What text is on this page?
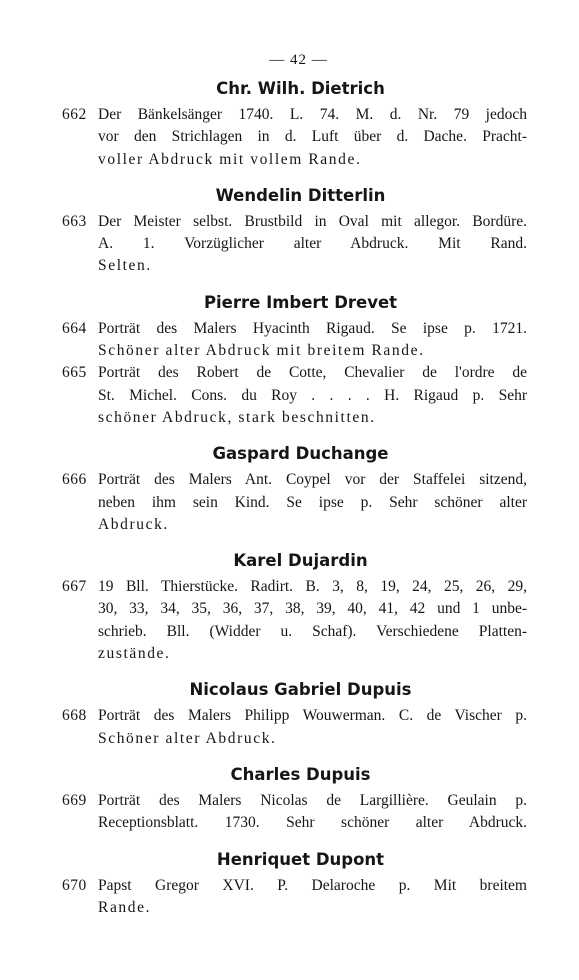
— 42 —
Chr. Wilh. Dietrich
662 Der Bänkelsänger 1740. L. 74. M. d. Nr. 79 jedoch
vor den Strichlagen in d. Luft über d. Dache. Pracht-
voller Abdruck mit vollem Rande.
Wendelin Ditterlin
663 Der Meister selbst. Brustbild in Oval mit allegor. Bordüre.
A. 1. Vorzüglicher alter Abdruck. Mit Rand.
Selten.
Pierre Imbert Drevet
664 Porträt des Malers Hyacinth Rigaud. Se ipse p. 1721.
Schöner alter Abdruck mit breitem Rande.
665 Porträt des Robert de Cotte, Chevalier de l'ordre de
St. Michel. Cons. du Roy . . . . H. Rigaud p. Sehr
schöner Abdruck, stark beschnitten.
Gaspard Duchange
666 Porträt des Malers Ant. Coypel vor der Staffelei sitzend,
neben ihm sein Kind. Se ipse p. Sehr schöner alter
Abdruck.
Karel Dujardin
667 19 Bll. Thierstücke. Radirt. B. 3, 8, 19, 24, 25, 26, 29,
30, 33, 34, 35, 36, 37, 38, 39, 40, 41, 42 und 1 unbe-
schrieb. Bll. (Widder u. Schaf). Verschiedene Platten-
zustände.
Nicolaus Gabriel Dupuis
668 Porträt des Malers Philipp Wouwerman. C. de Vischer p.
Schöner alter Abdruck.
Charles Dupuis
669 Porträt des Malers Nicolas de Largillière. Geulain p.
Receptionsblatt. 1730. Sehr schöner alter Abdruck.
Henriquet Dupont
670 Papst Gregor XVI. P. Delaroche p. Mit breitem
Rande.
